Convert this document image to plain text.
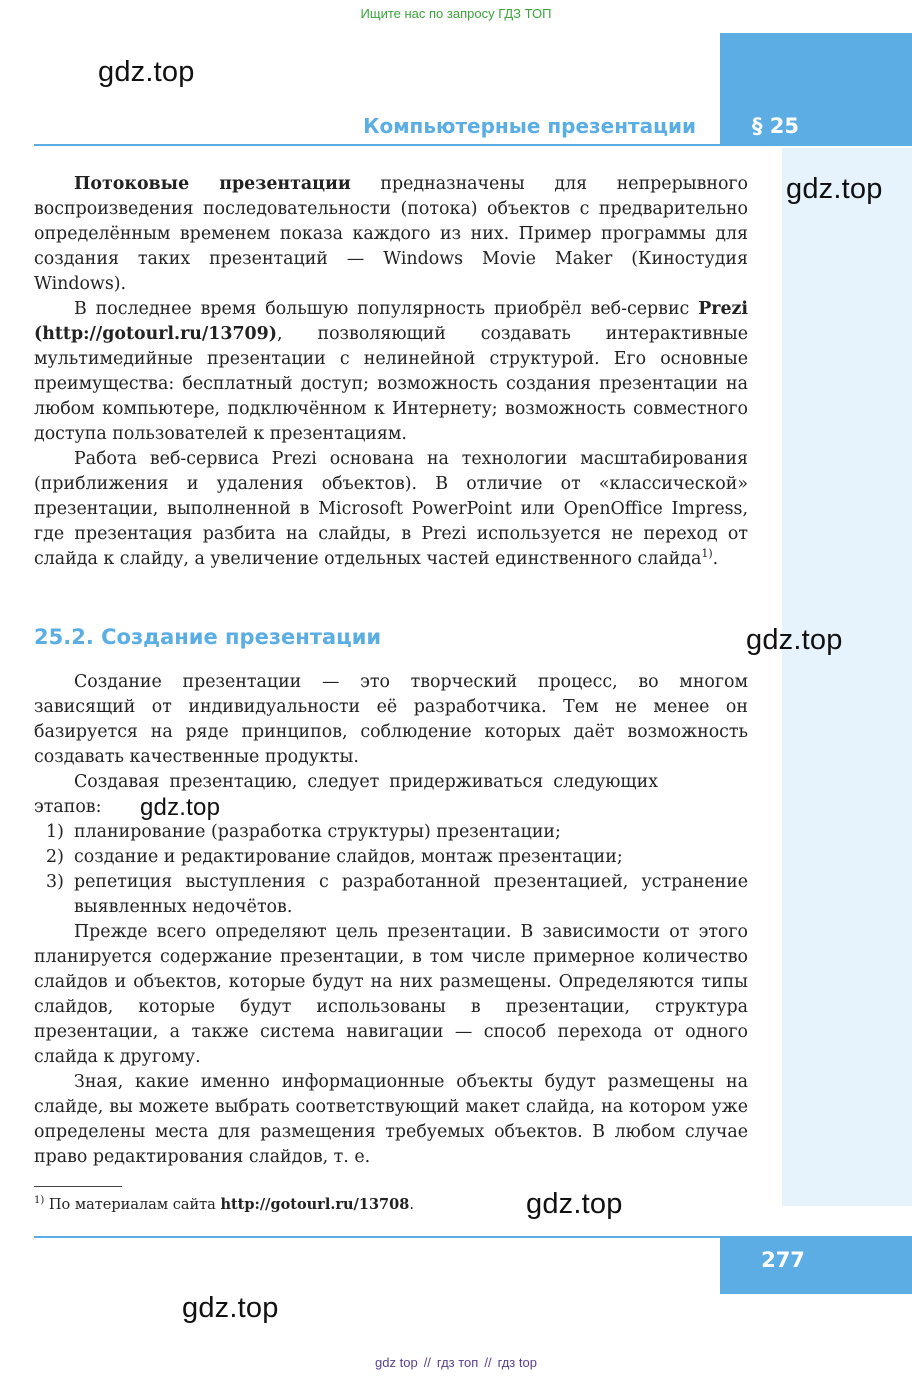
Ищите нас по запросу ГДЗ ТОП
Компьютерные презентации	§ 25
gdz.top
gdz.top
gdz.top
gdz.top
gdz.top
gdz.top

Потоковые презентации предназначены для непрерывного воспроизведения последовательности (потока) объектов с предварительно определённым временем показа каждого из них. Пример программы для создания таких презентаций — Windows Movie Maker (Киностудия Windows).

В последнее время большую популярность приобрёл веб-сервис Prezi (http://gotourl.ru/13709), позволяющий создавать интерактивные мультимедийные презентации с нелинейной структурой. Его основные преимущества: бесплатный доступ; возможность создания презентации на любом компьютере, подключённом к Интернету; возможность совместного доступа пользователей к презентациям.

Работа веб-сервиса Prezi основана на технологии масштабирования (приближения и удаления объектов). В отличие от «классической» презентации, выполненной в Microsoft PowerPoint или OpenOffice Impress, где презентация разбита на слайды, в Prezi используется не переход от слайда к слайду, а увеличение отдельных частей единственного слайда$^{1)}$.

25.2. Создание презентации

Создание презентации — это творческий процесс, во многом зависящий от индивидуальности её разработчика. Тем не менее он базируется на ряде принципов, соблюдение которых даёт возможность создавать качественные продукты.

Создавая презентацию, следует придерживаться следующих этапов:

1) планирование (разработка структуры) презентации;
2) создание и редактирование слайдов, монтаж презентации;
3) репетиция выступления с разработанной презентацией, устранение выявленных недочётов.

Прежде всего определяют цель презентации. В зависимости от этого планируется содержание презентации, в том числе примерное количество слайдов и объектов, которые будут на них размещены. Определяются типы слайдов, которые будут использованы в презентации, структура презентации, а также система навигации — способ перехода от одного слайда к другому.

Зная, какие именно информационные объекты будут размещены на слайде, вы можете выбрать соответствующий макет слайда, на котором уже определены места для размещения требуемых объектов. В любом случае право редактирования слайдов, т. е.

$^{1)}$ По материалам сайта http://gotourl.ru/13708.
277
gdz top // гдз топ // гдз top
